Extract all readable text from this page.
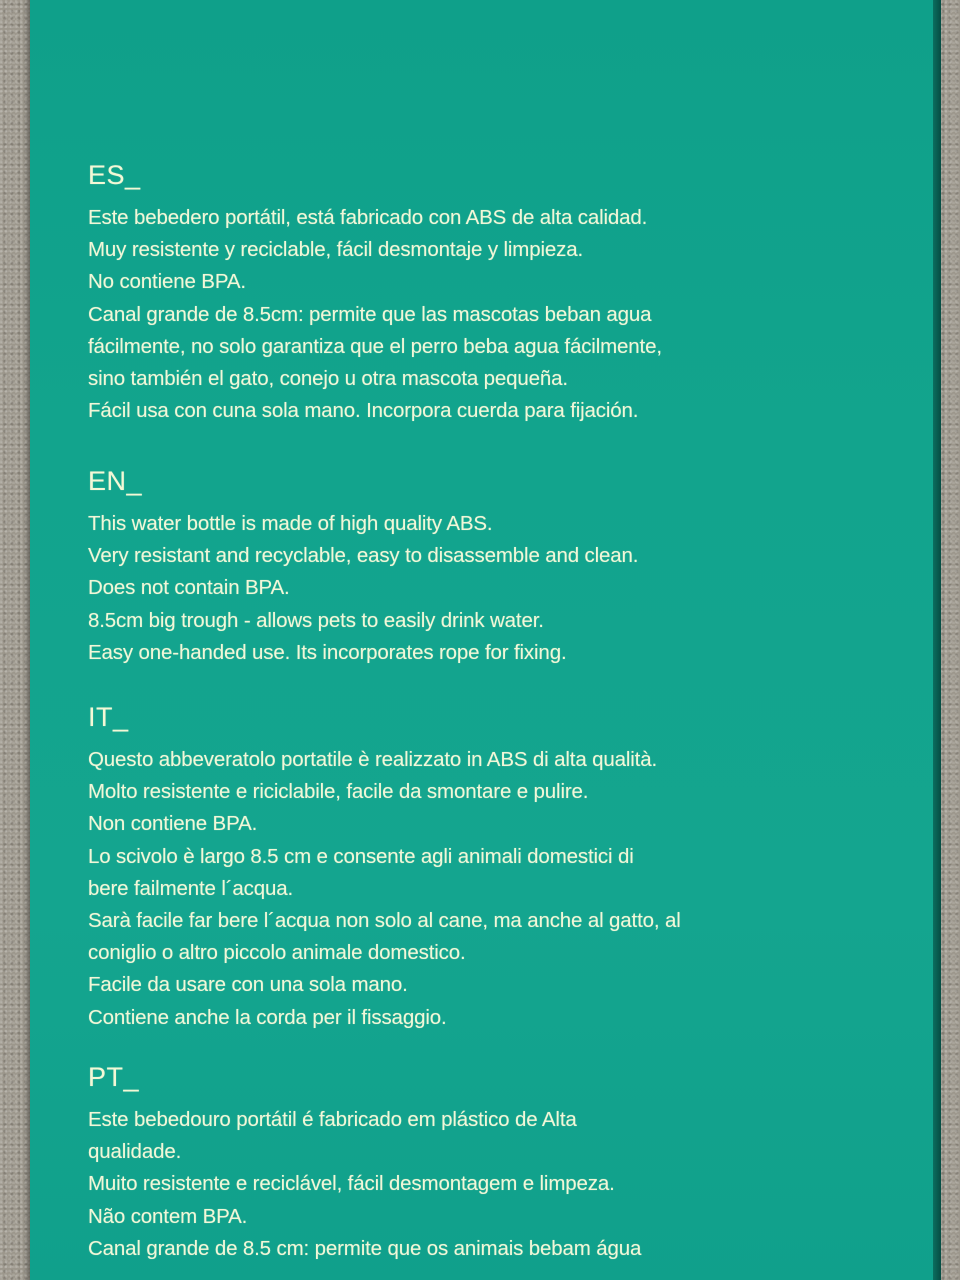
ES_
Este bebedero portátil, está fabricado con ABS de alta calidad.
Muy resistente y reciclable, fácil desmontaje y limpieza.
No contiene BPA.
Canal grande de 8.5cm: permite que las mascotas beban agua
fácilmente, no solo garantiza que el perro beba agua fácilmente,
sino también el gato, conejo u otra mascota pequeña.
Fácil usa con cuna sola mano. Incorpora cuerda para fijación.
EN_
This water bottle is made of high quality ABS.
Very resistant and recyclable, easy to disassemble and clean.
Does not contain BPA.
8.5cm big trough - allows pets to easily drink water.
Easy one-handed use. Its incorporates rope for fixing.
IT_
Questo abbeveratolo portatile è realizzato in ABS di alta qualità.
Molto resistente e riciclabile, facile da smontare e pulire.
Non contiene BPA.
Lo scivolo è largo 8.5 cm e consente agli animali domestici di
bere failmente l´acqua.
Sarà facile far bere l´acqua non solo al cane, ma anche al gatto, al
coniglio o altro piccolo animale domestico.
Facile da usare con una sola mano.
Contiene anche la corda per il fissaggio.
PT_
Este bebedouro portátil é fabricado em plástico de Alta
qualidade.
Muito resistente e reciclável, fácil desmontagem e limpeza.
Não contem BPA.
Canal grande de 8.5 cm: permite que os animais bebam água
